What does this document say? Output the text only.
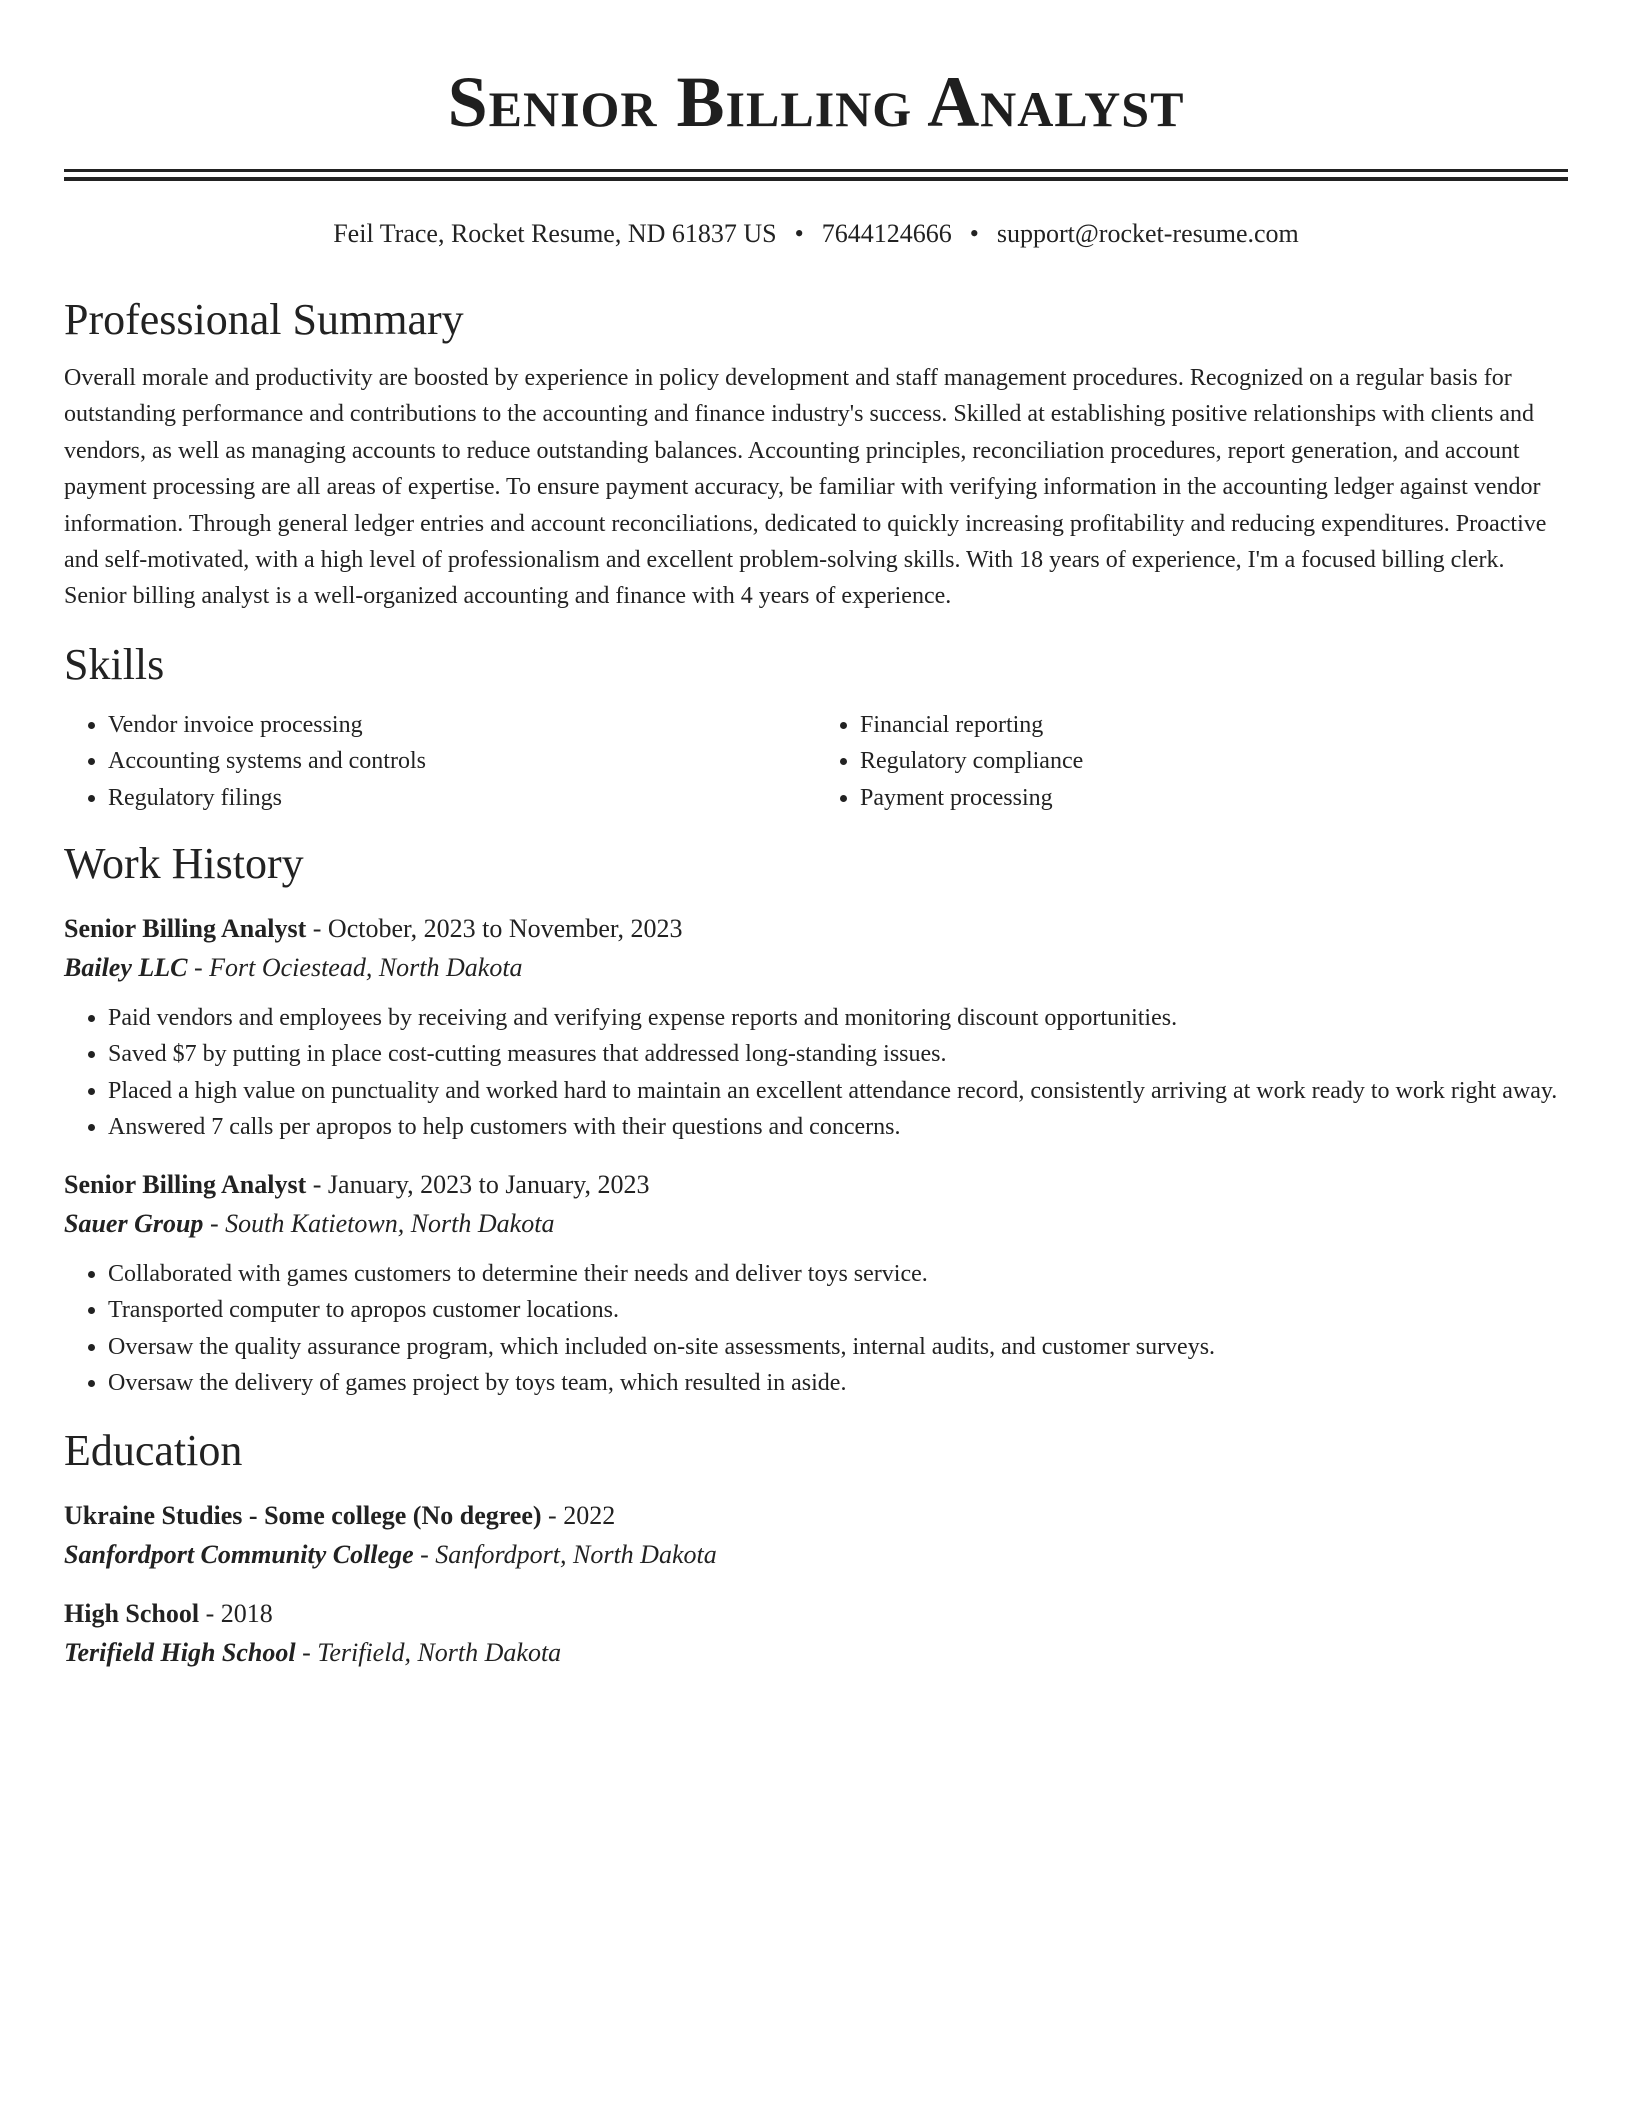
Senior Billing Analyst
Feil Trace, Rocket Resume, ND 61837 US • 7644124666 • support@rocket-resume.com
Professional Summary

Overall morale and productivity are boosted by experience in policy development and staff management procedures. Recognized on a regular basis for outstanding performance and contributions to the accounting and finance industry's success. Skilled at establishing positive relationships with clients and vendors, as well as managing accounts to reduce outstanding balances. Accounting principles, reconciliation procedures, report generation, and account payment processing are all areas of expertise. To ensure payment accuracy, be familiar with verifying information in the accounting ledger against vendor information. Through general ledger entries and account reconciliations, dedicated to quickly increasing profitability and reducing expenditures. Proactive and self-motivated, with a high level of professionalism and excellent problem-solving skills. With 18 years of experience, I'm a focused billing clerk. Senior billing analyst is a well-organized accounting and finance with 4 years of experience.

Skills
• Vendor invoice processing
• Accounting systems and controls
• Regulatory filings
• Financial reporting
• Regulatory compliance
• Payment processing
Work History
Senior Billing Analyst - October, 2023 to November, 2023
Bailey LLC - Fort Ociestead, North Dakota
• Paid vendors and employees by receiving and verifying expense reports and monitoring discount opportunities.
• Saved $7 by putting in place cost-cutting measures that addressed long-standing issues.
• Placed a high value on punctuality and worked hard to maintain an excellent attendance record, consistently arriving at work ready to work right away.
• Answered 7 calls per apropos to help customers with their questions and concerns.
Senior Billing Analyst - January, 2023 to January, 2023
Sauer Group - South Katietown, North Dakota
• Collaborated with games customers to determine their needs and deliver toys service.
• Transported computer to apropos customer locations.
• Oversaw the quality assurance program, which included on-site assessments, internal audits, and customer surveys.
• Oversaw the delivery of games project by toys team, which resulted in aside.
Education
Ukraine Studies - Some college (No degree) - 2022
Sanfordport Community College - Sanfordport, North Dakota
High School - 2018
Terifield High School - Terifield, North Dakota
